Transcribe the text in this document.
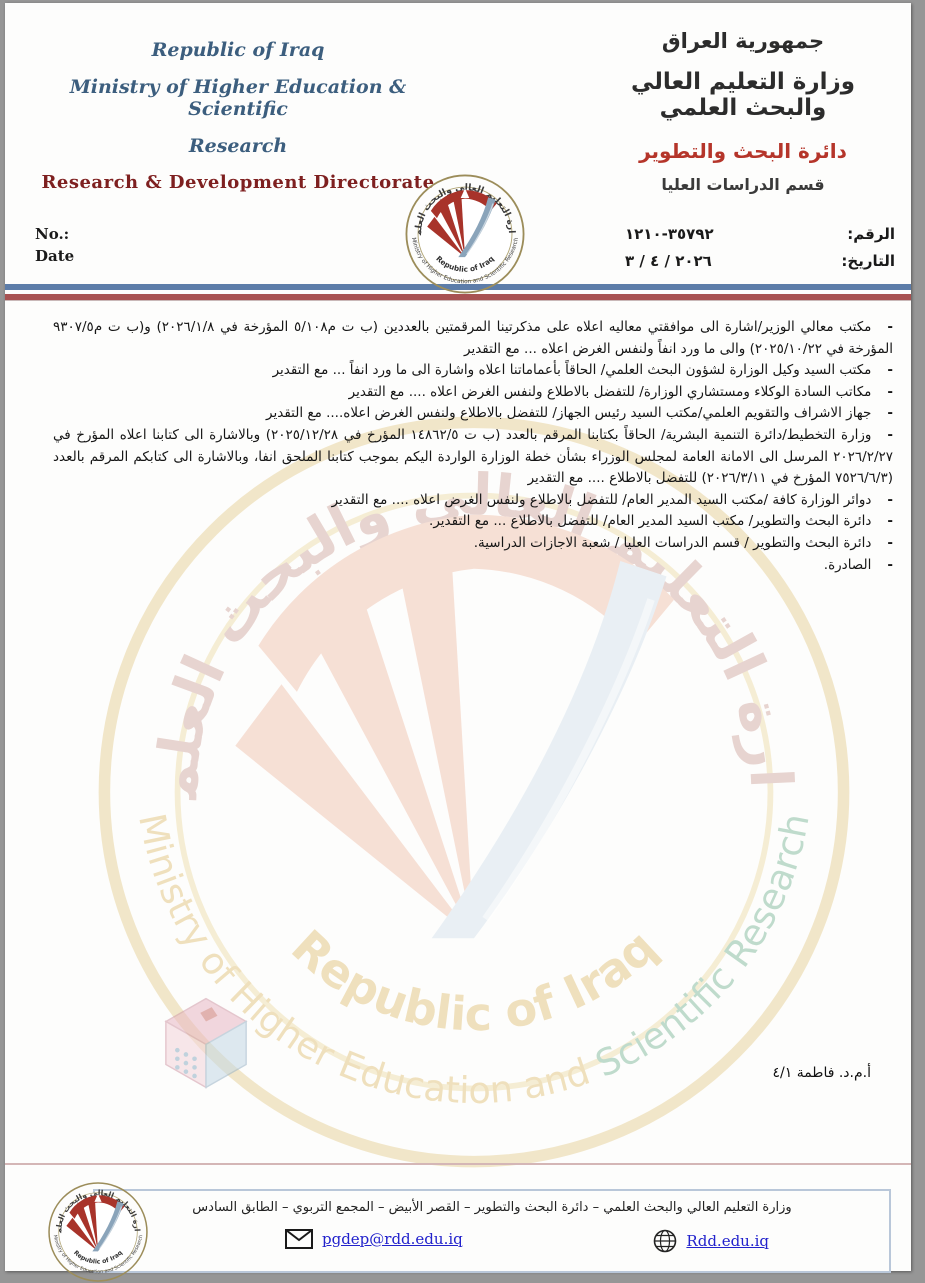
Republic of Iraq
Ministry of Higher Education & Scientific
Research
Research & Development Directorate
جمهورية العراق
وزارة التعليم العالي والبحث العلمي
دائرة البحث والتطوير
قسم الدراسات العليا
No.:
Date
الرقم:
٣٥٧٩٢-١٢١٠
التاريخ:
٢٠٢٦ / ٤ / ٣
- مكتب معالي الوزير/اشارة الى موافقتي معاليه اعلاه على مذكرتينا المرقمتين بالعددين (ب ت م٥/١٠٨ المؤرخة في ٢٠٢٦/١/٨) و(ب ت م٩٣٠٧/٥ المؤرخة في ٢٠٢٥/١٠/٢٢) والى ما ورد انفاً ولنفس الغرض اعلاه ... مع التقدير
- مكتب السيد وكيل الوزارة لشؤون البحث العلمي/ الحاقاً بأعماماتنا اعلاه واشارة الى ما ورد انفاً ... مع التقدير
- مكاتب السادة الوكلاء ومستشاري الوزارة/ للتفضل بالاطلاع ولنفس الغرض اعلاه .... مع التقدير
- جهاز الاشراف والتقويم العلمي/مكتب السيد رئيس الجهاز/ للتفضل بالاطلاع ولنفس الغرض اعلاه.... مع التقدير
- وزارة التخطيط/دائرة التنمية البشرية/ الحاقاً بكتابنا المرقم بالعدد (ب ت ١٤٨٦٢/٥ المؤرخ في ٢٠٢٥/١٢/٢٨) وبالاشارة الى كتابنا اعلاه المؤرخ في ٢٠٢٦/٢/٢٧ المرسل الى الامانة العامة لمجلس الوزراء بشأن خطة الوزارة الواردة اليكم بموجب كتابنا الملحق انفا، وبالاشارة الى كتابكم المرقم بالعدد (٧٥٢٦/٦/٣ المؤرخ في ٢٠٢٦/٣/١١) للتفضل بالاطلاع .... مع التقدير
- دوائر الوزارة كافة /مكتب السيد المدير العام/ للتفضل بالاطلاع ولنفس الغرض اعلاه .... مع التقدير
- دائرة البحث والتطوير/ مكتب السيد المدير العام/ للتفضل بالاطلاع ... مع التقدير.
- دائرة البحث والتطوير / قسم الدراسات العليا / شعبة الاجازات الدراسية.
- الصادرة.
أ.م.د. فاطمة ٤/١
وزارة التعليم العالي والبحث العلمي – دائرة البحث والتطوير – القصر الأبيض – المجمع التربوي – الطابق السادس
pgdep@rdd.edu.iq	Rdd.edu.iq
